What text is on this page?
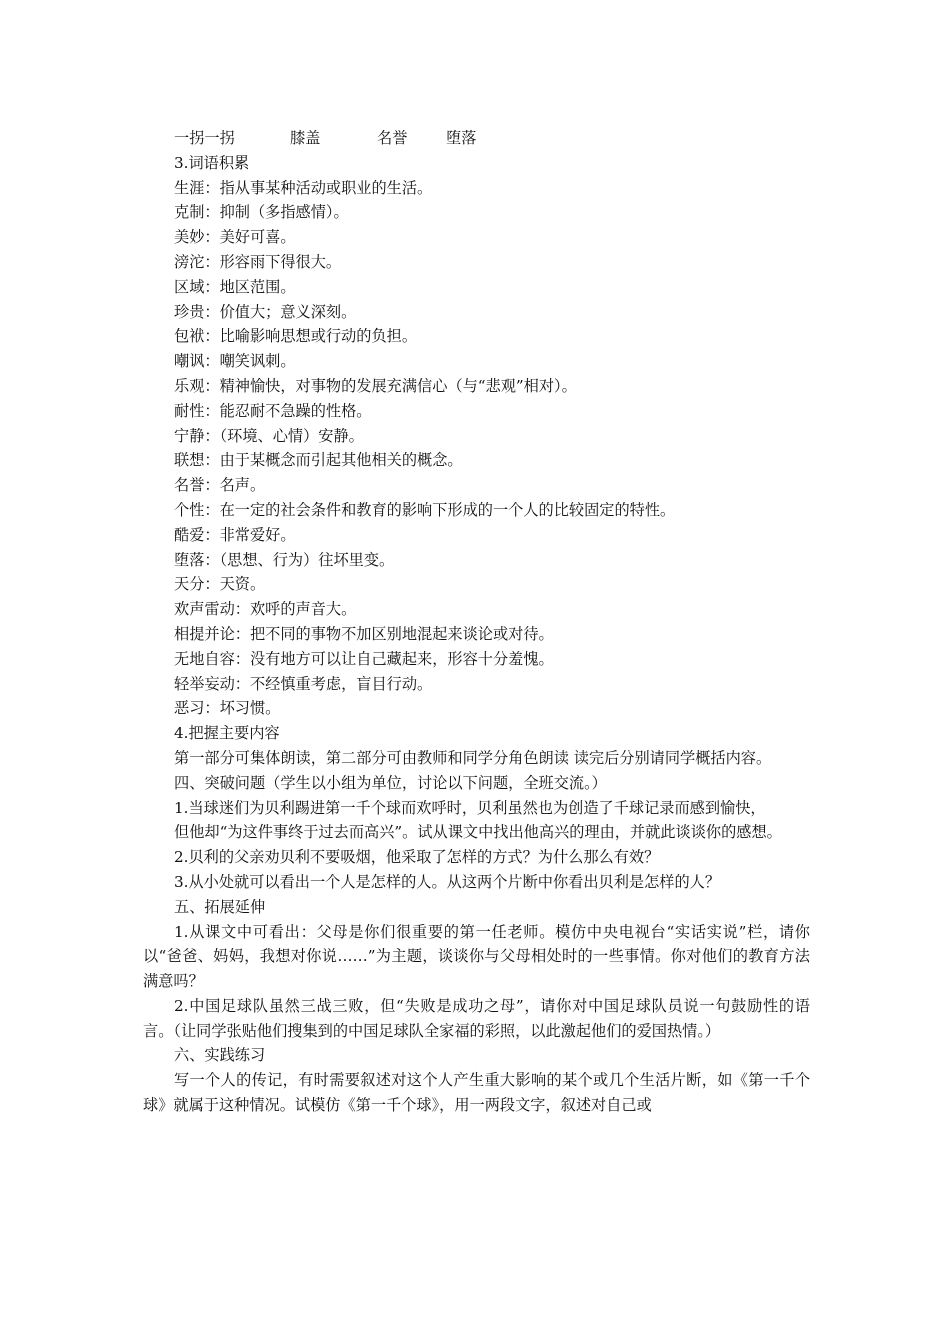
一拐一拐	膝盖	名誉	堕落
3.词语积累
生涯：指从事某种活动或职业的生活。
克制：抑制（多指感情）。
美妙：美好可喜。
滂沱：形容雨下得很大。
区域：地区范围。
珍贵：价值大；意义深刻。
包袱：比喻影响思想或行动的负担。
嘲讽：嘲笑讽刺。
乐观：精神愉快，对事物的发展充满信心（与“悲观”相对）。
耐性：能忍耐不急躁的性格。
宁静：（环境、心情）安静。
联想：由于某概念而引起其他相关的概念。
名誉：名声。
个性：在一定的社会条件和教育的影响下形成的一个人的比较固定的特性。
酷爱：非常爱好。
堕落：（思想、行为）往坏里变。
天分：天资。
欢声雷动：欢呼的声音大。
相提并论：把不同的事物不加区别地混起来谈论或对待。
无地自容：没有地方可以让自己藏起来，形容十分羞愧。
轻举妄动：不经慎重考虑，盲目行动。
恶习：坏习惯。
4.把握主要内容
第一部分可集体朗读，第二部分可由教师和同学分角色朗读 读完后分别请同学概括内容。
四、突破问题（学生以小组为单位，讨论以下问题，全班交流。）
1.当球迷们为贝利踢进第一千个球而欢呼时，贝利虽然也为创造了千球记录而感到愉快，
但他却“为这件事终于过去而高兴”。试从课文中找出他高兴的理由，并就此谈谈你的感想。
2.贝利的父亲劝贝利不要吸烟，他采取了怎样的方式？为什么那么有效？
3.从小处就可以看出一个人是怎样的人。从这两个片断中你看出贝利是怎样的人？
五、拓展延伸
1.从课文中可看出：父母是你们很重要的第一任老师。模仿中央电视台“实话实说”栏，请你以“爸爸、妈妈，我想对你说……”为主题，谈谈你与父母相处时的一些事情。你对他们的教育方法满意吗？
2.中国足球队虽然三战三败，但“失败是成功之母”，请你对中国足球队员说一句鼓励性的语言。（让同学张贴他们搜集到的中国足球队全家福的彩照，以此激起他们的爱国热情。）
六、实践练习
写一个人的传记，有时需要叙述对这个人产生重大影响的某个或几个生活片断，如《第一千个球》就属于这种情况。试模仿《第一千个球》，用一两段文字，叙述对自己或
